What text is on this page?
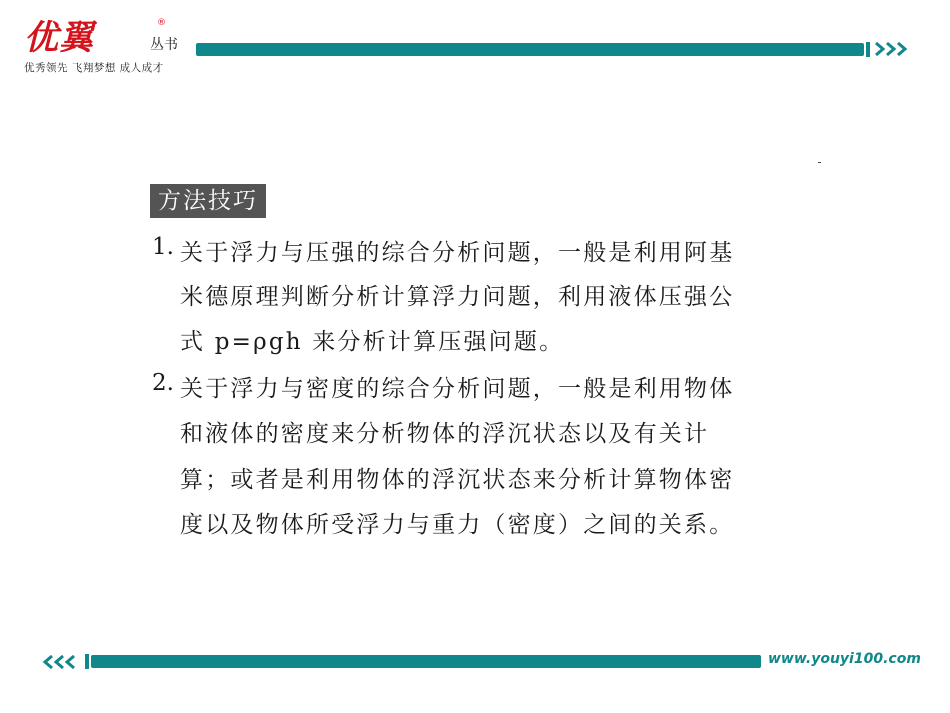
优翼	®
丛书
优秀领先 飞翔梦想 成人成才
方法技巧
1. 关于浮力与压强的综合分析问题，一般是利用阿基
米德原理判断分析计算浮力问题，利用液体压强公
式 p=ρgh 来分析计算压强问题。
2. 关于浮力与密度的综合分析问题，一般是利用物体
和液体的密度来分析物体的浮沉状态以及有关计
算；或者是利用物体的浮沉状态来分析计算物体密
度以及物体所受浮力与重力（密度）之间的关系。
www.youyi100.com
